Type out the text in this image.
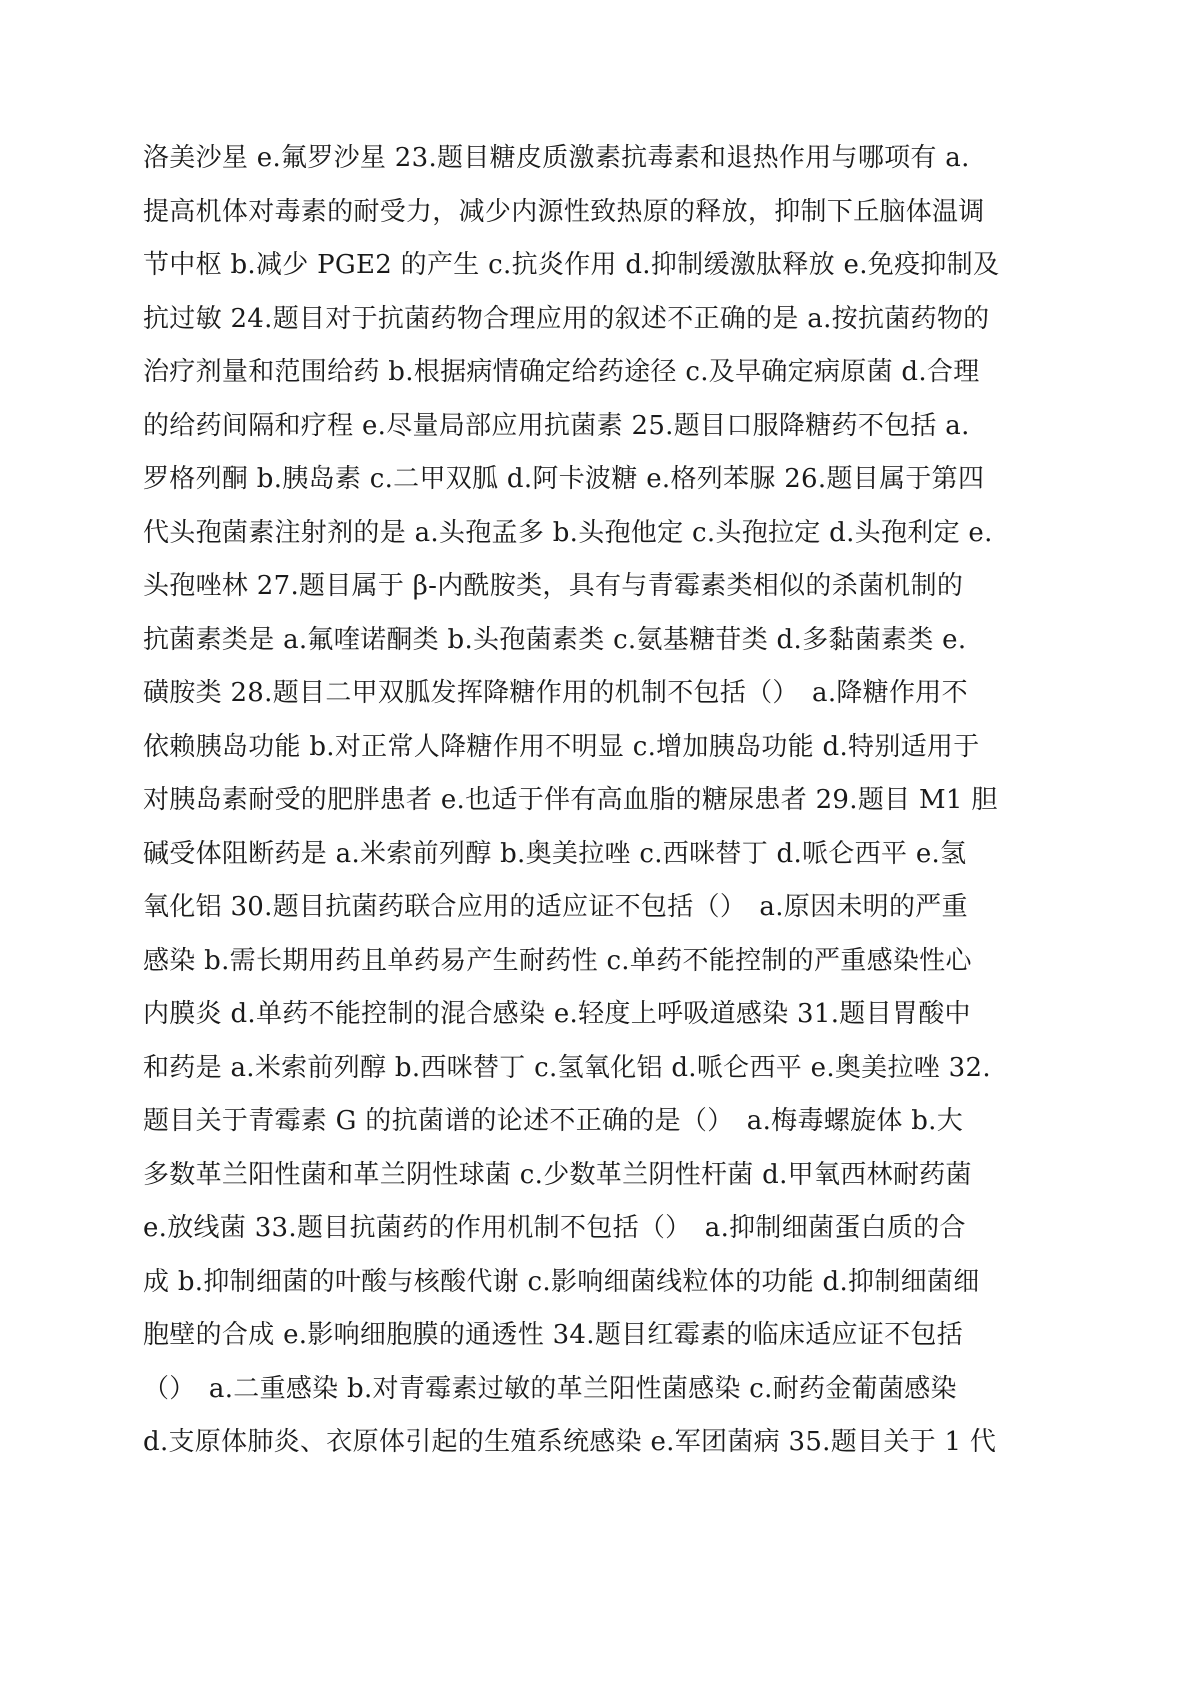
洛美沙星 e.氟罗沙星 23.题目糖皮质激素抗毒素和退热作用与哪项有 a.
提高机体对毒素的耐受力，减少内源性致热原的释放，抑制下丘脑体温调
节中枢 b.减少 PGE2 的产生 c.抗炎作用 d.抑制缓激肽释放 e.免疫抑制及
抗过敏 24.题目对于抗菌药物合理应用的叙述不正确的是 a.按抗菌药物的
治疗剂量和范围给药 b.根据病情确定给药途径 c.及早确定病原菌 d.合理
的给药间隔和疗程 e.尽量局部应用抗菌素 25.题目口服降糖药不包括 a.
罗格列酮 b.胰岛素 c.二甲双胍 d.阿卡波糖 e.格列苯脲 26.题目属于第四
代头孢菌素注射剂的是 a.头孢孟多 b.头孢他定 c.头孢拉定 d.头孢利定 e.
头孢唑林 27.题目属于 β-内酰胺类，具有与青霉素类相似的杀菌机制的
抗菌素类是 a.氟喹诺酮类 b.头孢菌素类 c.氨基糖苷类 d.多黏菌素类 e.
磺胺类 28.题目二甲双胍发挥降糖作用的机制不包括（）　a.降糖作用不
依赖胰岛功能 b.对正常人降糖作用不明显 c.增加胰岛功能 d.特别适用于
对胰岛素耐受的肥胖患者 e.也适于伴有高血脂的糖尿患者 29.题目 M1 胆
碱受体阻断药是 a.米索前列醇 b.奥美拉唑 c.西咪替丁 d.哌仑西平 e.氢
氧化铝 30.题目抗菌药联合应用的适应证不包括（）　a.原因未明的严重
感染 b.需长期用药且单药易产生耐药性 c.单药不能控制的严重感染性心
内膜炎 d.单药不能控制的混合感染 e.轻度上呼吸道感染 31.题目胃酸中
和药是 a.米索前列醇 b.西咪替丁 c.氢氧化铝 d.哌仑西平 e.奥美拉唑 32.
题目关于青霉素 G 的抗菌谱的论述不正确的是（）　a.梅毒螺旋体 b.大
多数革兰阳性菌和革兰阴性球菌 c.少数革兰阴性杆菌 d.甲氧西林耐药菌
e.放线菌 33.题目抗菌药的作用机制不包括（）　a.抑制细菌蛋白质的合
成 b.抑制细菌的叶酸与核酸代谢 c.影响细菌线粒体的功能 d.抑制细菌细
胞壁的合成 e.影响细胞膜的通透性 34.题目红霉素的临床适应证不包括
（）　a.二重感染 b.对青霉素过敏的革兰阳性菌感染 c.耐药金葡菌感染
d.支原体肺炎、衣原体引起的生殖系统感染 e.军团菌病 35.题目关于 1 代
